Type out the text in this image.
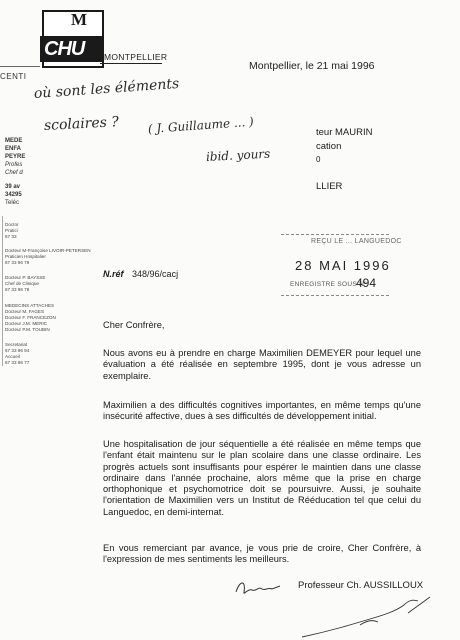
CHU
M
MONTPELLIER
CENTI
Montpellier, le 21 mai 1996
MEDE
ENFA
PEYRE
Profes
Chef d
39 av
34295
Teléc
où sont les éléments
scolaires ? ( J. Guillaume ... )
ibid. yours
teur MAURIN
cation
0
LLIER
Doctor
Pratici
67 33
Docteur M-Françoise LIVOIR-PETERSEN
Praticien Hospitalier
67 33 96 79
Docteur P. BAYSSE
Chef de Clinique
67 33 96 78
MEDECINS ATTACHES
Docteur M. FAGES
Docteur F. FRANCEZON
Docteur J.M. MERIC
Docteur P.M. TOUBIN
Secretariat
67 33 96 94
Accueil
67 33 96 77
REÇU LE ... LANGUEDOC
28 MAI 1996
ENREGISTRE SOUS N°
494
N.réf 348/96/cacj
Cher Confrère,
Nous avons eu à prendre en charge Maximilien DEMEYER pour lequel une évaluation a été réalisée en septembre 1995, dont je vous adresse un exemplaire.
Maximilien a des difficultés cognitives importantes, en même temps qu'une insécurité affective, dues à ses difficultés de développement initial.
Une hospitalisation de jour séquentielle a été réalisée en même temps que l'enfant était maintenu sur le plan scolaire dans une classe ordinaire. Les progrès actuels sont insuffisants pour espérer le maintien dans une classe ordinaire dans l'année prochaine, alors même que la prise en charge orthophonique et psychomotrice doit se poursuivre. Aussi, je souhaite l'orientation de Maximilien vers un Institut de Rééducation tel que celui du Languedoc, en demi-internat.
En vous remerciant par avance, je vous prie de croire, Cher Confrère, à l'expression de mes sentiments les meilleurs.
Professeur Ch. AUSSILLOUX
